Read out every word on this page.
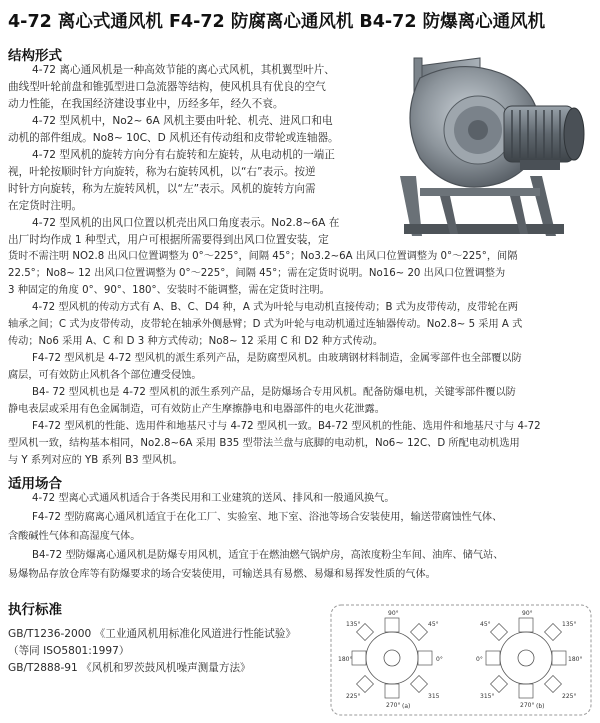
4-72 离心式通风机 F4-72 防腐离心通风机 B4-72 防爆离心通风机
结构形式

4-72 离心通风机是一种高效节能的离心式风机，其机翼型叶片、

曲线型叶轮前盘和锥弧型进口急流器等结构，使风机具有优良的空气

动力性能，在我国经济建设事业中，历经多年，经久不衰。

4-72 型风机中，No2~ 6A 风机主要由叶轮、机壳、进风口和电

动机的部件组成。No8~ 10C、D 风机还有传动组和皮带轮或连轴器。

4-72 型风机的旋转方向分有右旋转和左旋转，从电动机的一端正

视，叶轮按顺时针方向旋转，称为右旋转风机，以“右”表示。按逆

时针方向旋转，称为左旋转风机，以“左”表示。风机的旋转方向需

在定货时注明。

4-72 型风机的出风口位置以机壳出风口角度表示。No2.8~6A 在

出厂时均作成 1 种型式，用户可根据所需要得到出风口位置安装，定

货时不需注明 NO2.8 出风口位置调整为 0°～225°，间隔 45°；No3.2~6A 出风口位置调整为 0°～225°，间隔

22.5°；No8~ 12 出风口位置调整为 0°～225°，间隔 45°；需在定货时说明。No16~ 20 出风口位置调整为

3 种固定的角度 0°、90°、180°、安装时不能调整，需在定货时注明。

4-72 型风机的传动方式有 A、B、C、D4 种，A 式为叶轮与电动机直接传动；B 式为皮带传动，皮带轮在两

轴承之间；C 式为皮带传动，皮带轮在轴承外侧悬臂；D 式为叶轮与电动机通过连轴器传动。No2.8~ 5 采用 A 式

传动；No6 采用 A、C 和 D 3 种方式传动；No8~ 12 采用 C 和 D2 种方式传动。

F4-72 型风机是 4-72 型风机的派生系列产品，是防腐型风机。由玻璃钢材料制造，金属零部件也全部覆以防

腐层，可有效防止风机各个部位遭受侵蚀。

B4- 72 型风机也是 4-72 型风机的派生系列产品，是防爆场合专用风机。配备防爆电机，关键零部件覆以防

静电表层或采用有色金属制造，可有效防止产生摩擦静电和电器部件的电火花泄露。

F4-72 型风机的性能、选用件和地基尺寸与 4-72 型风机一致。B4-72 型风机的性能、选用件和地基尺寸与 4-72

型风机一致，结构基本相同，No2.8~6A 采用 B35 型带法兰盘与底脚的电动机，No6~ 12C、D 所配电动机选用

与 Y 系列对应的 YB 系列 B3 型风机。

适用场合

4-72 型离心式通风机适合于各类民用和工业建筑的送风、排风和一般通风换气。

F4-72 型防腐离心通风机适宜于在化工厂、实验室、地下室、浴池等场合安装使用，输送带腐蚀性气体、

含酸碱性气体和高湿度气体。

B4-72 型防爆离心通风机是防爆专用风机，适宜于在燃油燃气锅炉房，高浓度粉尘车间、油库、储气站、

易爆物品存放仓库等有防爆要求的场合安装使用，可输送具有易燃、易爆和易挥发性质的气体。

执行标准
GB/T1236-2000 《工业通风机用标准化风道进行性能试验》
（等同 ISO5801:1997）
GB/T2888-91 《风机和罗茨鼓风机噪声测量方法》
90°
135°	45°
180°	0°
225°	315
270° (a)
90°
45°	135°
0°	180°
315°	225°
270° (b)
